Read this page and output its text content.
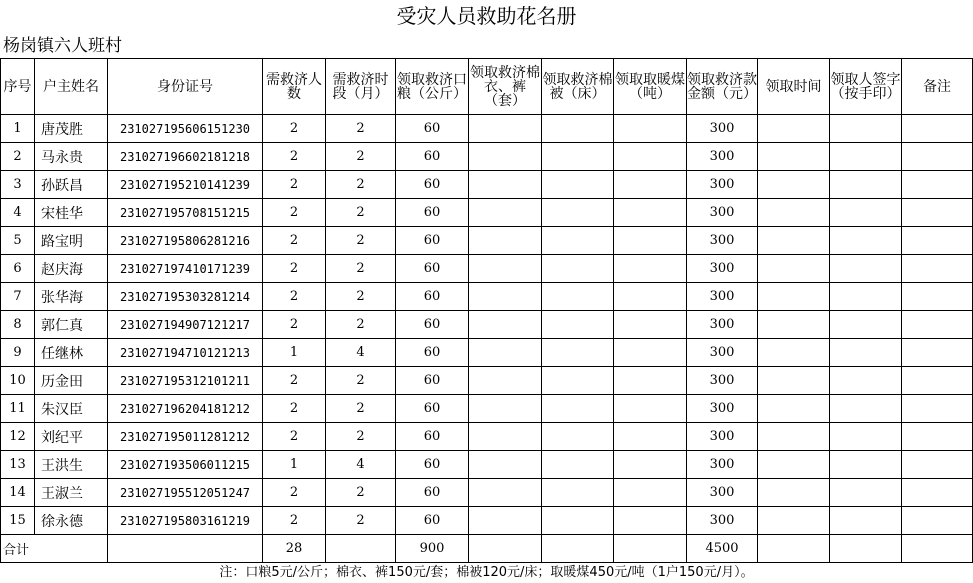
受灾人员救助花名册
杨岗镇六人班村
序号	户主姓名	身份证号	需救济人数	需救济时段（月）	领取救济口粮（公斤）	领取救济棉衣、裤（套）	领取救济棉被（床）	领取取暖煤（吨）	领取救济款金额（元）	领取时间	领取人签字（按手印）	备注
1	唐茂胜	231027195606151230	2	2	60				300			
2	马永贵	231027196602181218	2	2	60				300			
3	孙跃昌	231027195210141239	2	2	60				300			
4	宋桂华	231027195708151215	2	2	60				300			
5	路宝明	231027195806281216	2	2	60				300			
6	赵庆海	231027197410171239	2	2	60				300			
7	张华海	231027195303281214	2	2	60				300			
8	郭仁真	231027194907121217	2	2	60				300			
9	任继林	231027194710121213	1	4	60				300			
10	历金田	231027195312101211	2	2	60				300			
11	朱汉臣	231027196204181212	2	2	60				300			
12	刘纪平	231027195011281212	2	2	60				300			
13	王洪生	231027193506011215	1	4	60				300			
14	王淑兰	231027195512051247	2	2	60				300			
15	徐永德	231027195803161219	2	2	60				300			
合计			28		900				4500			
注：口粮5元/公斤；棉衣、裤150元/套；棉被120元/床；取暖煤450元/吨（1户150元/月）。
